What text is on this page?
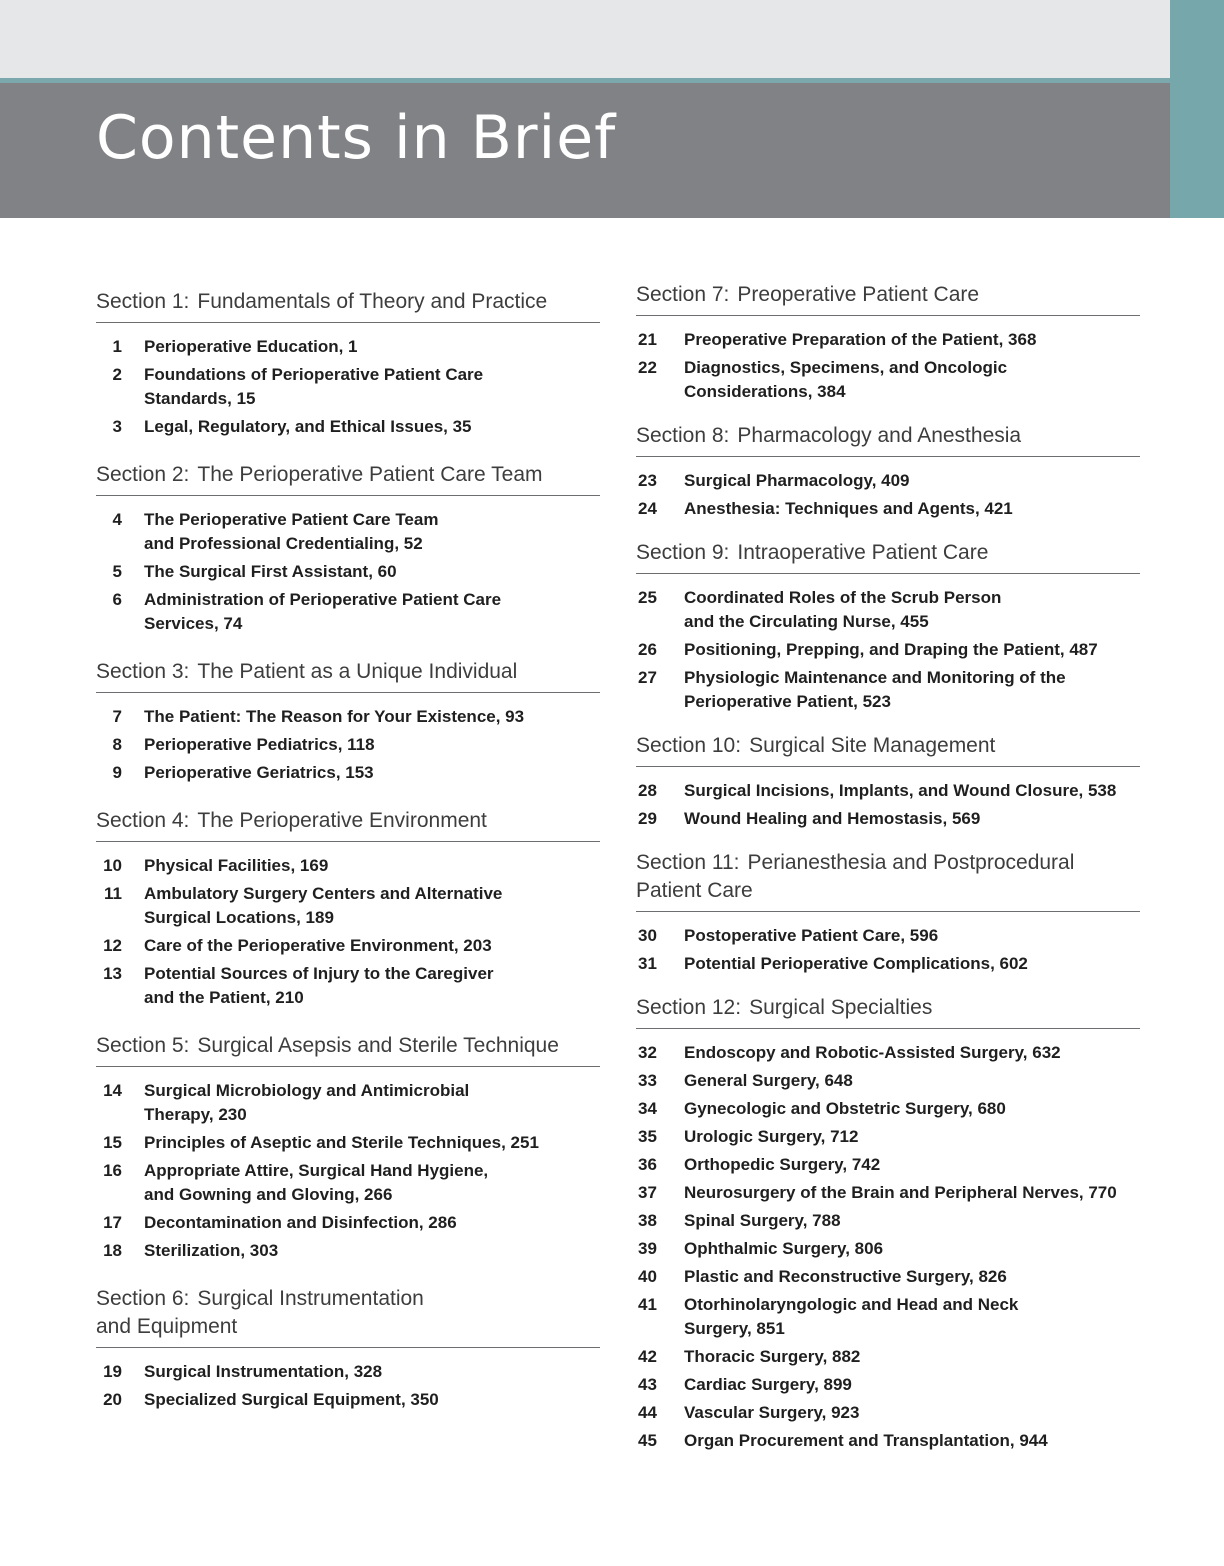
Contents in Brief
Section 1: Fundamentals of Theory and Practice
1	Perioperative Education, 1
2	Foundations of Perioperative Patient Care
Standards, 15
3	Legal, Regulatory, and Ethical Issues, 35
Section 2: The Perioperative Patient Care Team
4	The Perioperative Patient Care Team
and Professional Credentialing, 52
5	The Surgical First Assistant, 60
6	Administration of Perioperative Patient Care
Services, 74
Section 3: The Patient as a Unique Individual
7	The Patient: The Reason for Your Existence, 93
8	Perioperative Pediatrics, 118
9	Perioperative Geriatrics, 153
Section 4: The Perioperative Environment
10	Physical Facilities, 169
11	Ambulatory Surgery Centers and Alternative
Surgical Locations, 189
12	Care of the Perioperative Environment, 203
13	Potential Sources of Injury to the Caregiver
and the Patient, 210
Section 5: Surgical Asepsis and Sterile Technique
14	Surgical Microbiology and Antimicrobial
Therapy, 230
15	Principles of Aseptic and Sterile Techniques, 251
16	Appropriate Attire, Surgical Hand Hygiene,
and Gowning and Gloving, 266
17	Decontamination and Disinfection, 286
18	Sterilization, 303
Section 6: Surgical Instrumentation
and Equipment
19	Surgical Instrumentation, 328
20	Specialized Surgical Equipment, 350
Section 7: Preoperative Patient Care
21	Preoperative Preparation of the Patient, 368
22	Diagnostics, Specimens, and Oncologic
Considerations, 384
Section 8: Pharmacology and Anesthesia
23	Surgical Pharmacology, 409
24	Anesthesia: Techniques and Agents, 421
Section 9: Intraoperative Patient Care
25	Coordinated Roles of the Scrub Person
and the Circulating Nurse, 455
26	Positioning, Prepping, and Draping the Patient, 487
27	Physiologic Maintenance and Monitoring of the
Perioperative Patient, 523
Section 10: Surgical Site Management
28	Surgical Incisions, Implants, and Wound Closure, 538
29	Wound Healing and Hemostasis, 569
Section 11: Perianesthesia and Postprocedural
Patient Care
30	Postoperative Patient Care, 596
31	Potential Perioperative Complications, 602
Section 12: Surgical Specialties
32	Endoscopy and Robotic-Assisted Surgery, 632
33	General Surgery, 648
34	Gynecologic and Obstetric Surgery, 680
35	Urologic Surgery, 712
36	Orthopedic Surgery, 742
37	Neurosurgery of the Brain and Peripheral Nerves, 770
38	Spinal Surgery, 788
39	Ophthalmic Surgery, 806
40	Plastic and Reconstructive Surgery, 826
41	Otorhinolaryngologic and Head and Neck
Surgery, 851
42	Thoracic Surgery, 882
43	Cardiac Surgery, 899
44	Vascular Surgery, 923
45	Organ Procurement and Transplantation, 944
